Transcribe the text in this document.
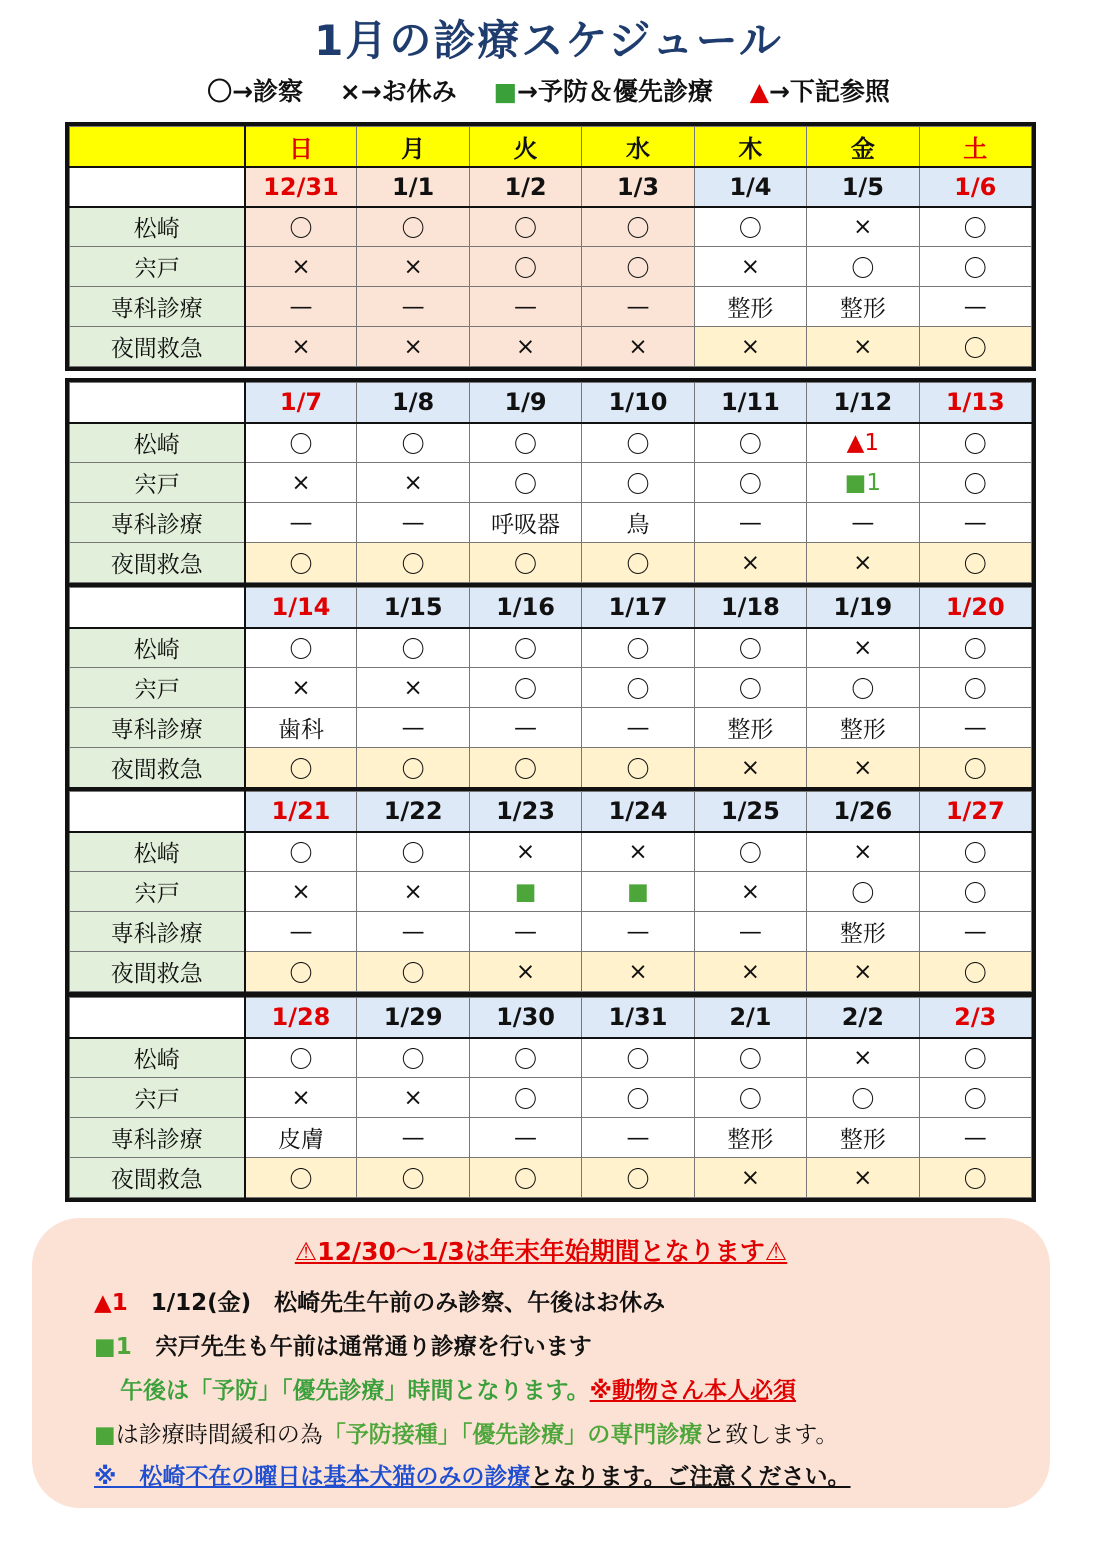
1月の診療スケジュール
〇→診察 ×→お休み ■→予防＆優先診療 ▲→下記参照
	日	月	火	水	木	金	土
	12/31	1/1	1/2	1/3	1/4	1/5	1/6
松崎	〇	〇	〇	〇	〇	×	〇
宍戸	×	×	〇	〇	×	〇	〇
専科診療	—	—	—	—	整形	整形	—
夜間救急	×	×	×	×	×	×	〇
	1/7	1/8	1/9	1/10	1/11	1/12	1/13
松崎	〇	〇	〇	〇	〇	▲1	〇
宍戸	×	×	〇	〇	〇	■1	〇
専科診療	—	—	呼吸器	鳥	—	—	—
夜間救急	〇	〇	〇	〇	×	×	〇
	1/14	1/15	1/16	1/17	1/18	1/19	1/20
松崎	〇	〇	〇	〇	〇	×	〇
宍戸	×	×	〇	〇	〇	〇	〇
専科診療	歯科	—	—	—	整形	整形	—
夜間救急	〇	〇	〇	〇	×	×	〇
	1/21	1/22	1/23	1/24	1/25	1/26	1/27
松崎	〇	〇	×	×	〇	×	〇
宍戸	×	×	■	■	×	〇	〇
専科診療	—	—	—	—	—	整形	—
夜間救急	〇	〇	×	×	×	×	〇
	1/28	1/29	1/30	1/31	2/1	2/2	2/3
松崎	〇	〇	〇	〇	〇	×	〇
宍戸	×	×	〇	〇	〇	〇	〇
専科診療	皮膚	—	—	—	整形	整形	—
夜間救急	〇	〇	〇	〇	×	×	〇
⚠12/30〜1/3は年末年始期間となります⚠
▲1　 1/12(金)　松崎先生午前のみ診察、午後はお休み
■1　 宍戸先生も午前は通常通り診療を行います
午後は「予防」「優先診療」時間となります。※動物さん本人必須
■は診療時間緩和の為「予防接種」「優先診療」の専門診療と致します。
※　松崎不在の曜日は基本犬猫のみの診療となります。ご注意ください。
